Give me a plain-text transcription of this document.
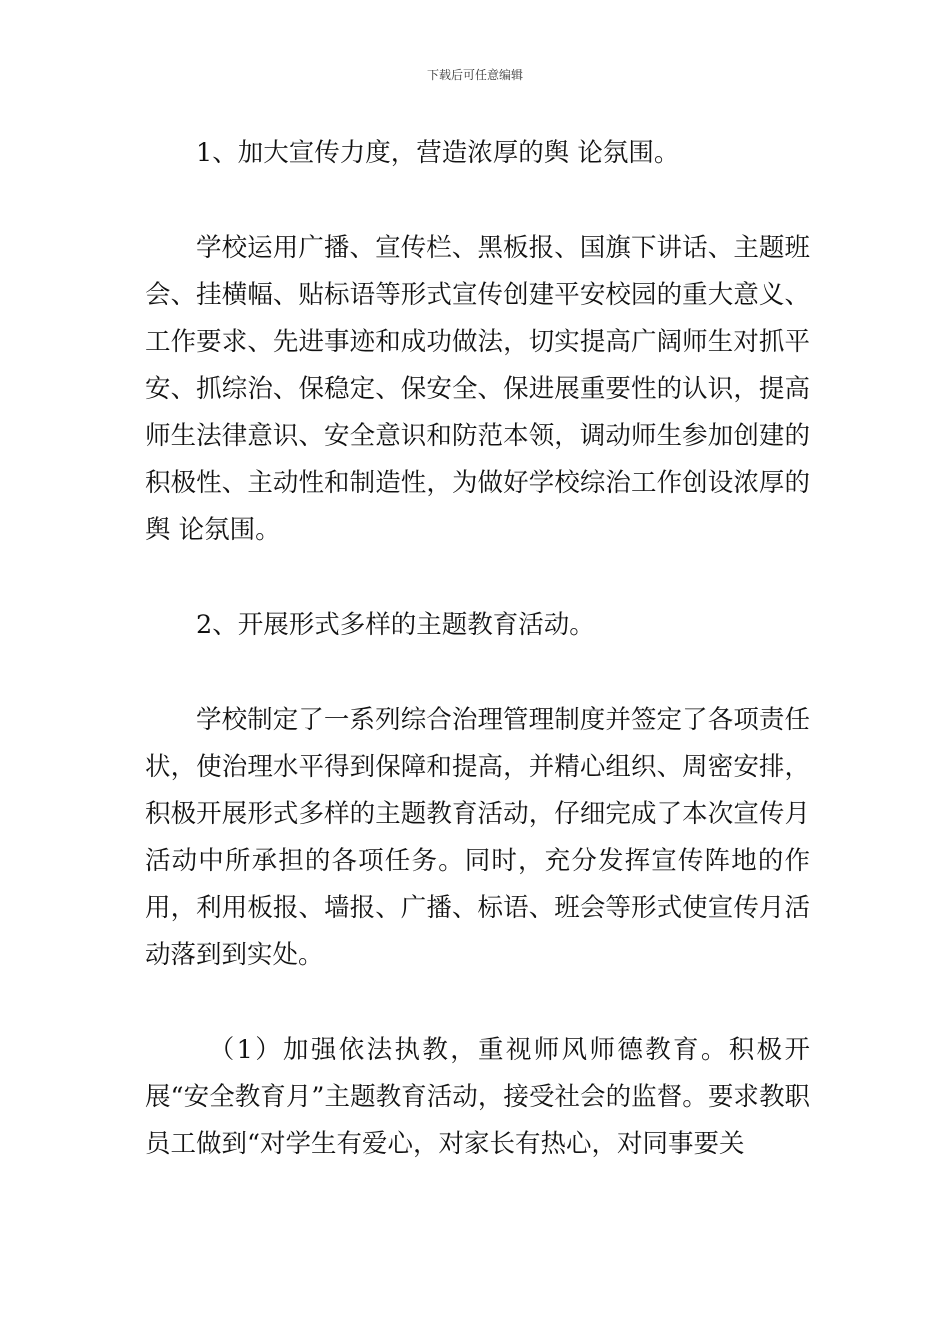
下载后可任意编辑

1、加大宣传力度，营造浓厚的舆 论氛围。

学校运用广播、宣传栏、黑板报、国旗下讲话、主题班会、挂横幅、贴标语等形式宣传创建平安校园的重大意义、工作要求、先进事迹和成功做法，切实提高广阔师生对抓平安、抓综治、保稳定、保安全、保进展重要性的认识，提高师生法律意识、安全意识和防范本领，调动师生参加创建的积极性、主动性和制造性，为做好学校综治工作创设浓厚的舆 论氛围。

2、开展形式多样的主题教育活动。

学校制定了一系列综合治理管理制度并签定了各项责任状，使治理水平得到保障和提高，并精心组织、周密安排，积极开展形式多样的主题教育活动，仔细完成了本次宣传月活动中所承担的各项任务。同时，充分发挥宣传阵地的作用，利用板报、墙报、广播、标语、班会等形式使宣传月活动落到到实处。

（1）加强依法执教，重视师风师德教育。积极开展“安全教育月”主题教育活动，接受社会的监督。要求教职员工做到“对学生有爱心，对家长有热心，对同事要关
